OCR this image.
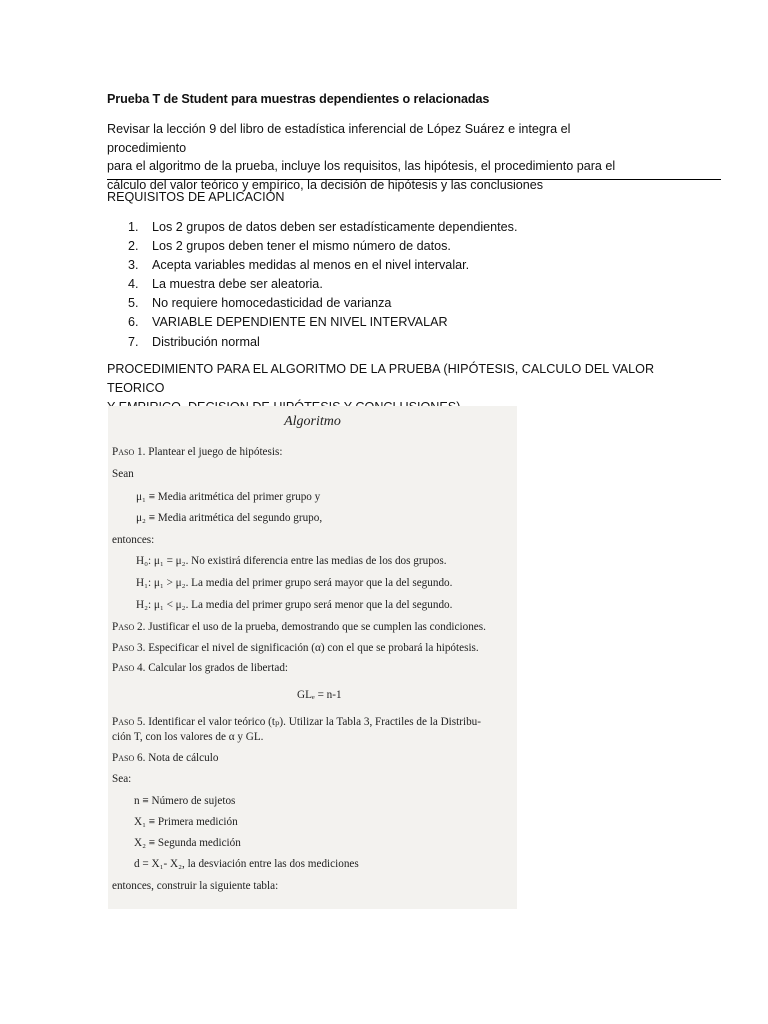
Prueba T de Student para muestras dependientes o relacionadas
Revisar la lección 9 del libro de estadística inferencial de López Suárez e integra el procedimiento
para el algoritmo de la prueba, incluye los requisitos, las hipótesis, el procedimiento para el
cálculo del valor teórico y empírico, la decisión de hipótesis y las conclusiones
REQUISITOS DE APLICACIÓN
1.	Los 2 grupos de datos deben ser estadísticamente dependientes.
2.	Los 2 grupos deben tener el mismo número de datos.
3.	Acepta variables medidas al menos en el nivel intervalar.
4.	La muestra debe ser aleatoria.
5.	No requiere homocedasticidad de varianza
6.	VARIABLE DEPENDIENTE EN NIVEL INTERVALAR
7.	Distribución normal
PROCEDIMIENTO PARA EL ALGORITMO DE LA PRUEBA (HIPÓTESIS, CALCULO DEL VALOR TEORICO
Algoritmo
Paso 1. Plantear el juego de hipótesis:
Sean
μ₁ ≡ Media aritmética del primer grupo y
μ₂ ≡ Media aritmética del segundo grupo,
entonces:
H₀: μ₁ = μ₂. No existirá diferencia entre las medias de los dos grupos.
H₁: μ₁ > μ₂. La media del primer grupo será mayor que la del segundo.
H₂: μ₁ < μ₂. La media del primer grupo será menor que la del segundo.
Paso 2. Justificar el uso de la prueba, demostrando que se cumplen las condiciones.
Paso 3. Especificar el nivel de significación (α) con el que se probará la hipótesis.
Paso 4. Calcular los grados de libertad:
GLₑ = n-1
Paso 5. Identificar el valor teórico (tₚ). Utilizar la Tabla 3, Fractiles de la Distribu-
ción T, con los valores de α y GL.
Paso 6. Nota de cálculo
Sea:
n ≡ Número de sujetos
X₁ ≡ Primera medición
X₂ ≡ Segunda medición
d = X₁- X₂, la desviación entre las dos mediciones
entonces, construir la siguiente tabla:
